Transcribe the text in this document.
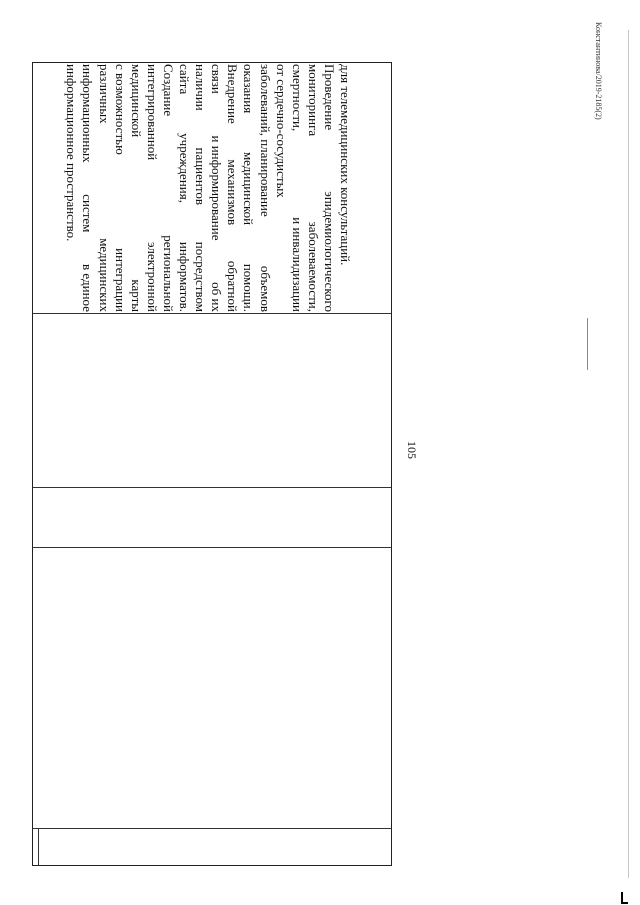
105
для телемедицинских консультаций.
Проведение
эпидемиологического
мониторинга
заболеваемости,
смертности,
и инвалидизации
от сердечно-сосудистых
заболеваний, планирование
объемов
оказания
медицинской
помощи.
Внедрение
механизмов
обратной
связи
и информирование
об их
наличии
пациентов
посредством
сайта
учреждения,
информатов.
Создание
региональной
интегрированной
электронной
медицинской
карты
с возможностью
интеграции
различных
медицинских
информационных
систем
в единое
информационное пространство.	Константинова/2019-2185(2)
